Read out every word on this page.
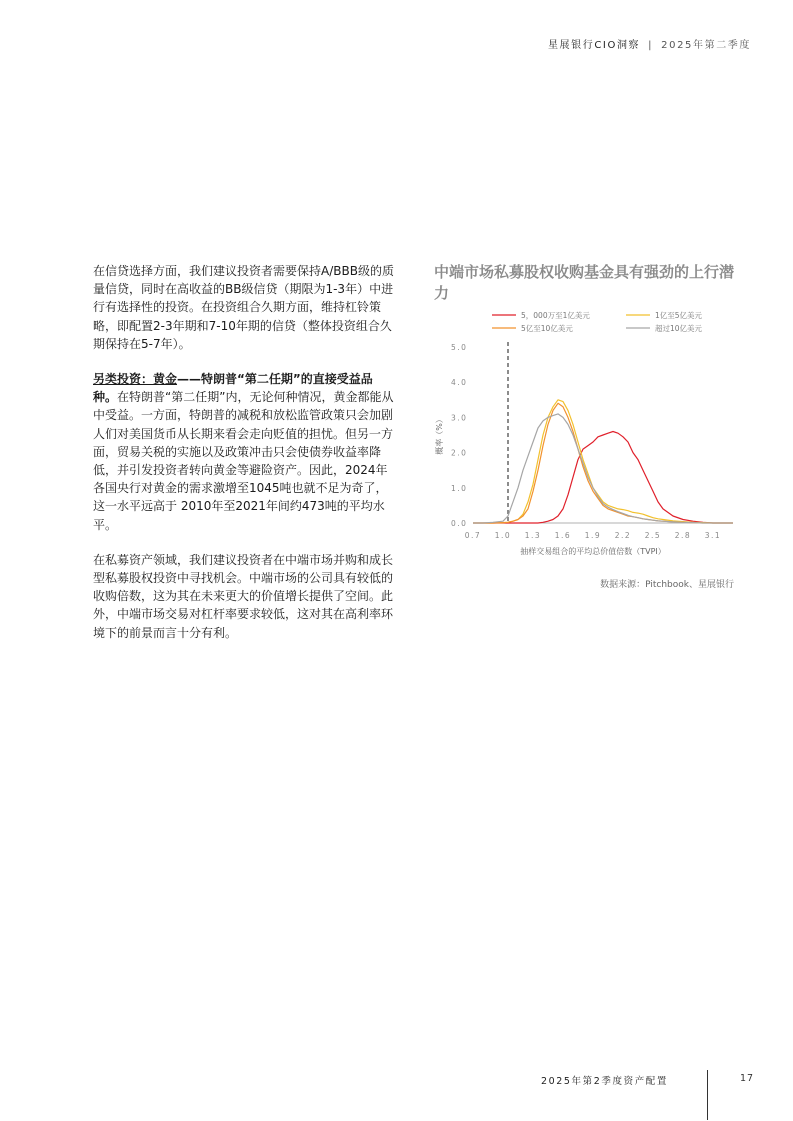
星展银行CIO洞察 | 2025年第二季度

在信贷选择方面，我们建议投资者需要保持A/BBB级的质量信贷，同时在高收益的BB级信贷（期限为1-3年）中进行有选择性的投资。在投资组合久期方面，维持杠铃策略，即配置2-3年期和7-10年期的信贷（整体投资组合久期保持在5-7年）。

另类投资：黄金——特朗普“第二任期”的直接受益品种。在特朗普“第二任期”内，无论何种情况，黄金都能从中受益。一方面，特朗普的减税和放松监管政策只会加剧人们对美国货币从长期来看会走向贬值的担忧。但另一方面，贸易关税的实施以及政策冲击只会使债券收益率降低，并引发投资者转向黄金等避险资产。因此，2024年各国央行对黄金的需求激增至1045吨也就不足为奇了，这一水平远高于 2010年至2021年间约473吨的平均水平。

在私募资产领域，我们建议投资者在中端市场并购和成长型私募股权投资中寻找机会。中端市场的公司具有较低的收购倍数，这为其在未来更大的价值增长提供了空间。此外，中端市场交易对杠杆率要求较低，这对其在高利率环境下的前景而言十分有利。

中端市场私募股权收购基金具有强劲的上行潜力
5，000万至1亿美元	1亿至5亿美元
5亿至10亿美元	超过10亿美元
0.0
1.0
2.0
3.0
4.0
5.0
0.7 1.0 1.3 1.6 1.9 2.2 2.5 2.8 3.1
抽样交易组合的平均总价值倍数（TVPI）
概率（%）
数据来源：Pitchbook、星展银行
2025年第2季度资产配置	17
